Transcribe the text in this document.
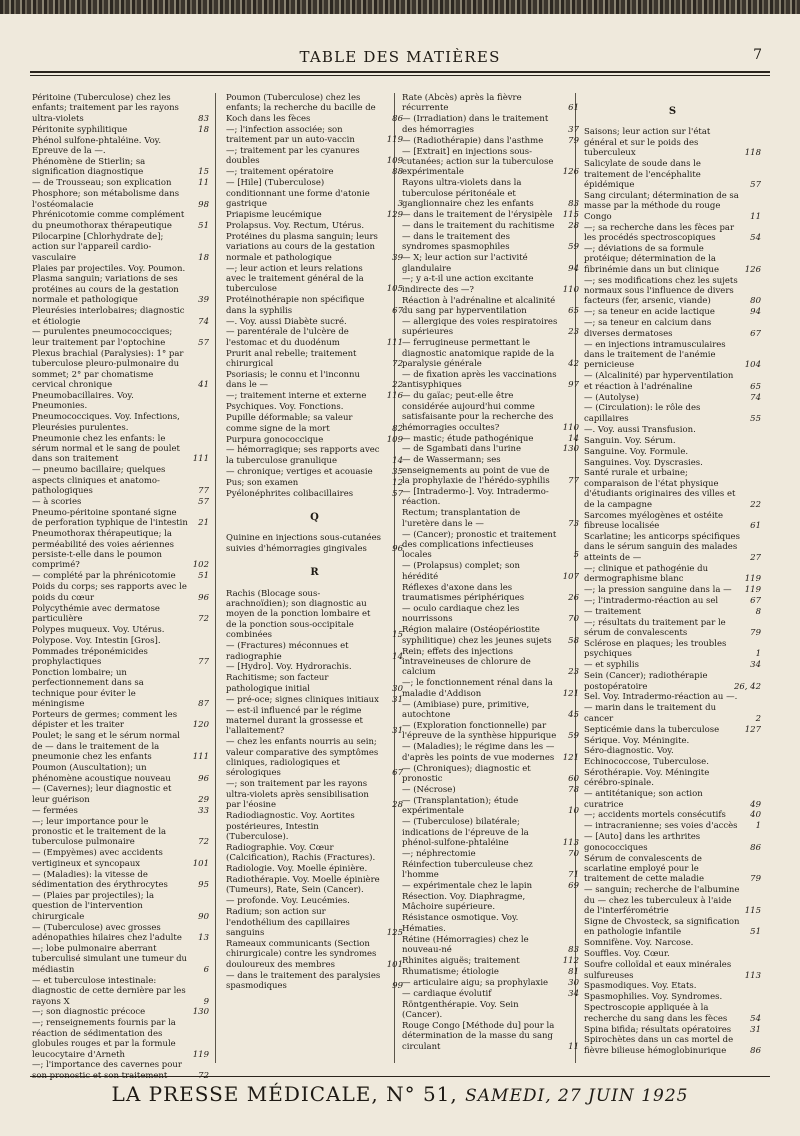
TABLE DES MATIÈRES	7
Péritoine (Tuberculose) chez les enfants; traitement par les rayons ultra-violets	83
Péritonite syphilitique	18
Phénol sulfone-phtaléine. Voy. Epreuve de la —.
Phénomène de Stierlin; sa signification diagnostique	15
— de Trousseau; son explication	11
Phosphore; son métabolisme dans l'ostéomalacie	98
Phrénicotomie comme complément du pneumothorax thérapeutique	51
Pilocarpine [Chlorhydrate de]; action sur l'appareil cardio-vasculaire	18
Plaies par projectiles. Voy. Poumon.
Plasma sanguin; variations de ses protéines au cours de la gestation normale et pathologique	39
Pleurésies interlobaires; diagnostic et étiologie	74
— purulentes pneumococciques; leur traitement par l'optochine	57
Plexus brachial (Paralysies): 1° par tuberculose pleuro-pulmonaire du sommet; 2° par chomatisme cervical chronique	41
Pneumobacillaires. Voy. Pneumonies.
Pneumococciques. Voy. Infections, Pleurésies purulentes.
Pneumonie chez les enfants: le sérum normal et le sang de poulet dans son traitement	111
— pneumo bacillaire; quelques aspects cliniques et anatomo-pathologiques	77
— à scories	57
Pneumo-péritoine spontané signe de perforation typhique de l'intestin	21
Pneumothorax thérapeutique; la perméabilité des voies aériennes persiste-t-elle dans le poumon comprimé?	102
— complété par la phrénicotomie	51
Poids du corps; ses rapports avec le poids du cœur	96
Polycythémie avec dermatose particulière	72
Polypes muqueux. Voy. Utérus.
Polypose. Voy. Intestin [Gros].
Pommades tréponémicides prophylactiques	77
Ponction lombaire; un perfectionnement dans sa technique pour éviter le méningisme	87
Porteurs de germes; comment les dépister et les traiter	120
Poulet; le sang et le sérum normal de — dans le traitement de la pneumonie chez les enfants	111
Poumon (Auscultation); un phénomène acoustique nouveau	96
— (Cavernes); leur diagnostic et leur guérison	29
— fermées	33
—; leur importance pour le pronostic et le traitement de la tuberculose pulmonaire	72
— (Empyèmes) avec accidents vertigineux et syncopaux	101
— (Maladies): la vitesse de sédimentation des érythrocytes	95
— (Plaies par projectiles); la question de l'intervention chirurgicale	90
— (Tuberculose) avec grosses adénopathies hilaires chez l'adulte	13
—; lobe pulmonaire aberrant tuberculisé simulant une tumeur du médiastin	6
— et tuberculose intestinale: diagnostic de cette dernière par les rayons X	9
—; son diagnostic précoce	130
—; renseignements fournis par la réaction de sédimentation des globules rouges et par la formule leucocytaire d'Arneth	119
—; l'importance des cavernes pour son pronostic et son traitement	72
Poumon (Tuberculose) chez les enfants; la recherche du bacille de Koch dans les fèces	86
—; l'infection associée; son traitement par un auto-vaccin	119
—; traitement par les cyanures doubles	109
—; traitement opératoire	88
— [Hile] (Tuberculose) conditionnant une forme d'atonie gastrique	3
Priapisme leucémique	129
Prolapsus. Voy. Rectum, Utérus.
Protéines du plasma sanguin; leurs variations au cours de la gestation normale et pathologique	39
—; leur action et leurs relations avec le traitement général de la tuberculose	105
Protéinothérapie non spécifique dans la syphilis	67
—. Voy. aussi Diabète sucré.
— parentérale de l'ulcère de l'estomac et du duodénum	111
Prurit anal rebelle; traitement chirurgical	72
Psoriasis; le connu et l'inconnu dans le —	22
—; traitement interne et externe	116
Psychiques. Voy. Fonctions.
Pupille déformable; sa valeur comme signe de la mort	82
Purpura gonococcique	109
— hémorragique; ses rapports avec la tuberculose granulique	14
— chronique; vertiges et acouasie	35
Pus; son examen	12
Pyélonéphrites colibacillaires	57
Q
Quinine en injections sous-cutanées suivies d'hémorragies gingivales	96
R
Rachis (Blocage sous-arachnoïdien); son diagnostic au moyen de la ponction lombaire et de la ponction sous-occipitale combinées	15
— (Fractures) méconnues et radiographie	14
— [Hydro]. Voy. Hydrorachis.
Rachitisme; son facteur pathologique initial	30
— pré-oce; signes cliniques initiaux	31
— est-il influencé par le régime maternel durant la grossesse et l'allaitement?	31
— chez les enfants nourris au sein; valeur comparative des symptômes cliniques, radiologiques et sérologiques	67
—; son traitement par les rayons ultra-violets après sensibilisation par l'éosine	28
Radiodiagnostic. Voy. Aortites postérieures, Intestin (Tuberculose).
Radiographie. Voy. Cœur (Calcification), Rachis (Fractures).
Radiologie. Voy. Moelle épinière.
Radiothérapie. Voy. Moelle épinière (Tumeurs), Rate, Sein (Cancer).
— profonde. Voy. Leucémies.
Radium; son action sur l'endothélium des capillaires sanguins	125
Rameaux communicants (Section chirurgicale) contre les syndromes douloureux des membres	101
— dans le traitement des paralysies spasmodiques	99
Rate (Abcès) après la fièvre récurrente	61
— (Irradiation) dans le traitement des hémorragies	37
— (Radiothérapie) dans l'asthme	79
— [Extrait] en injections sous-cutanées; action sur la tuberculose expérimentale	126
Rayons ultra-violets dans la tuberculose péritonéale et ganglionnaire chez les enfants	83
— dans le traitement de l'érysipèle	115
— dans le traitement du rachitisme	28
— dans le traitement des syndromes spasmophiles	59
— X; leur action sur l'activité glandulaire	94
—; y a-t-il une action excitante indirecte des —?	110
Réaction à l'adrénaline et alcalinité du sang par hyperventilation	65
— allergique des voies respiratoires supérieures	23
— ferrugineuse permettant le diagnostic anatomique rapide de la paralysie générale	42
— de fixation après les vaccinations antisyphiques	97
— du gaïac; peut-elle être considérée aujourd'hui comme satisfaisante pour la recherche des hémorragies occultes?	110
— mastic; étude pathogénique	14
— de Sgambati dans l'urine	130
— de Wassermann; ses enseignements au point de vue de la prophylaxie de l'hérédo-syphilis	77
— [Intradermo-]. Voy. Intradermo-réaction.
Rectum; transplantation de l'uretère dans le —	73
— (Cancer); pronostic et traitement des complications infectieuses locales	5
— (Prolapsus) complet; son hérédité	107
Réflexes d'axone dans les traumatismes périphériques	26
— oculo cardiaque chez les nourrissons	70
Région malaire (Ostéopériostite syphilitique) chez les jeunes sujets	58
Rein; effets des injections intraveineuses de chlorure de calcium	23
—; le fonctionnement rénal dans la maladie d'Addison	121
— (Amibiase) pure, primitive, autochtone	45
— (Exploration fonctionnelle) par l'épreuve de la synthèse hippurique	59
— (Maladies); le régime dans les — d'après les points de vue modernes	121
— (Chroniques); diagnostic et pronostic	60
— (Nécrose)	78
— (Transplantation); étude expérimentale	10
— (Tuberculose) bilatérale; indications de l'épreuve de la phénol-sulfone-phtaléine	113
—; néphrectomie	70
Réinfection tuberculeuse chez l'homme	71
— expérimentale chez le lapin	69
Résection. Voy. Diaphragme, Mâchoire supérieure.
Résistance osmotique. Voy. Hématies.
Rétine (Hémorragies) chez le nouveau-né	83
Rhinites aiguës; traitement	112
Rhumatisme; étiologie	81
— articulaire aigu; sa prophylaxie	30
— cardiaque évolutif	34
Röntgenthérapie. Voy. Sein (Cancer).
Rouge Congo [Méthode du] pour la détermination de la masse du sang circulant	11
S
Saisons; leur action sur l'état général et sur le poids des tuberculeux	118
Salicylate de soude dans le traitement de l'encéphalite épidémique	57
Sang circulant; détermination de sa masse par la méthode du rouge Congo	11
—; sa recherche dans les fèces par les procédés spectroscopiques	54
—; déviations de sa formule protéique; détermination de la fibrinémie dans un but clinique	126
—; ses modifications chez les sujets normaux sous l'influence de divers facteurs (fer, arsenic, viande)	80
—; sa teneur en acide lactique	94
—; sa teneur en calcium dans diverses dermatoses	67
— en injections intramusculaires dans le traitement de l'anémie pernicieuse	104
— (Alcalinité) par hyperventilation et réaction à l'adrénaline	65
— (Autolyse)	74
— (Circulation): le rôle des capillaires	55
—. Voy. aussi Transfusion.
Sanguin. Voy. Sérum.
Sanguine. Voy. Formule.
Sanguines. Voy. Dyscrasies.
Santé rurale et urbaine; comparaison de l'état physique d'étudiants originaires des villes et de la campagne	22
Sarcomes myélogènes et ostéite fibreuse localisée	61
Scarlatine; les anticorps spécifiques dans le sérum sanguin des malades atteints de —	27
—; clinique et pathogénie du dermographisme blanc	119
—; la pression sanguine dans la —	119
—; l'intradermo-réaction au sel	67
— traitement	8
—; résultats du traitement par le sérum de convalescents	79
Sclérose en plaques; les troubles psychiques	1
— et syphilis	34
Sein (Cancer); radiothérapie postopératoire	26, 42
Sel. Voy. Intradermo-réaction au —.
— marin dans le traitement du cancer	2
Septicémie dans la tuberculose	127
Sérique. Voy. Méningite.
Séro-diagnostic. Voy. Echinococcose, Tuberculose.
Sérothérapie. Voy. Méningite cérébro-spinale.
— antitétanique; son action curatrice	49
—; accidents mortels consécutifs	40
— intracranienne; ses voies d'accès	1
— [Auto] dans les arthrites gonococciques	86
Sérum de convalescents de scarlatine employé pour le traitement de cette maladie	79
— sanguin; recherche de l'albumine du — chez les tuberculeux à l'aide de l'interférométrie	115
Signe de Chvosteck, sa signification en pathologie infantile	51
Somnifène. Voy. Narcose.
Souffles. Voy. Cœur.
Soufre colloïdal et eaux minérales sulfureuses	113
Spasmodiques. Voy. Etats.
Spasmophilies. Voy. Syndromes.
Spectroscopie appliquée à la recherche du sang dans les fèces	54
Spina bifida; résultats opératoires	31
Spirochètes dans un cas mortel de fièvre bilieuse hémoglobinurique	86
LA PRESSE MÉDICALE, N° 51, SAMEDI, 27 JUIN 1925
